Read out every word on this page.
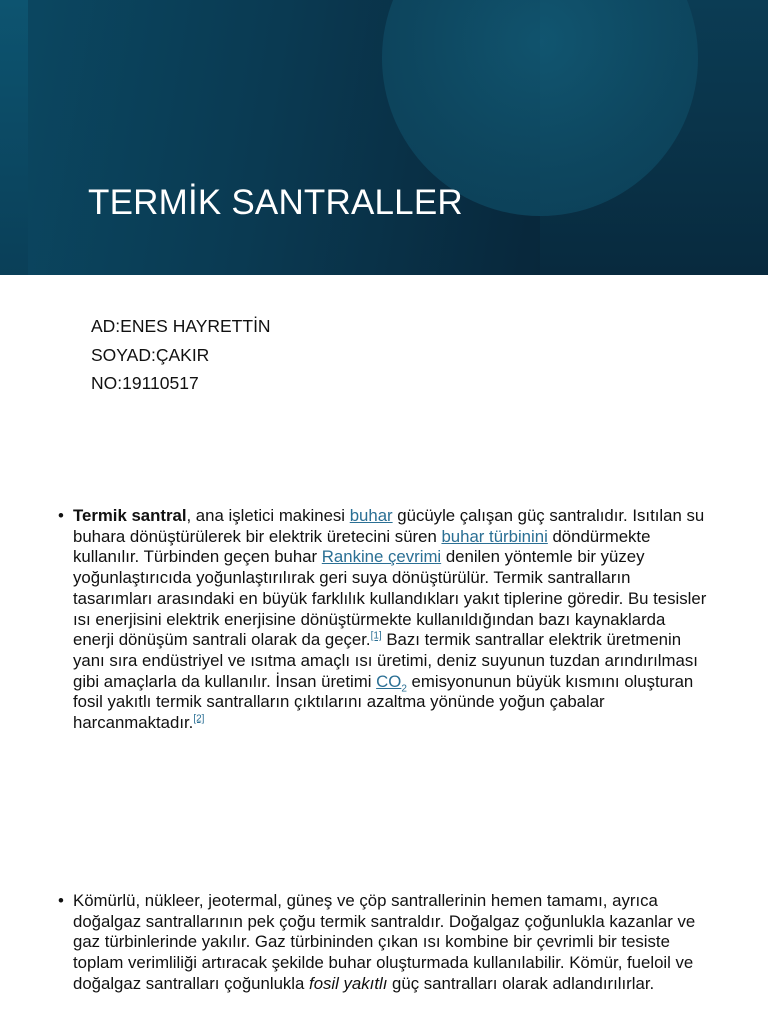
TERMİK SANTRALLER
AD:ENES HAYRETTİN
SOYAD:ÇAKIR
NO:19110517
• Termik santral, ana işletici makinesi buhar gücüyle çalışan güç santralıdır. Isıtılan su buhara dönüştürülerek bir elektrik üretecini süren buhar türbinini döndürmekte kullanılır. Türbinden geçen buhar Rankine çevrimi denilen yöntemle bir yüzey yoğunlaştırıcıda yoğunlaştırılırak geri suya dönüştürülür. Termik santralların tasarımları arasındaki en büyük farklılık kullandıkları yakıt tiplerine göredir. Bu tesisler ısı enerjisini elektrik enerjisine dönüştürmekte kullanıldığından bazı kaynaklarda enerji dönüşüm santrali olarak da geçer.[1] Bazı termik santrallar elektrik üretmenin yanı sıra endüstriyel ve ısıtma amaçlı ısı üretimi, deniz suyunun tuzdan arındırılması gibi amaçlarla da kullanılır. İnsan üretimi $CO_2$ emisyonunun büyük kısmını oluşturan fosil yakıtlı termik santralların çıktılarını azaltma yönünde yoğun çabalar harcanmaktadır.[2]
• Kömürlü, nükleer, jeotermal, güneş ve çöp santrallerinin hemen tamamı, ayrıca doğalgaz santrallarının pek çoğu termik santraldır. Doğalgaz çoğunlukla kazanlar ve gaz türbinlerinde yakılır. Gaz türbininden çıkan ısı kombine bir çevrimli bir tesiste toplam verimliliği artıracak şekilde buhar oluşturmada kullanılabilir. Kömür, fueloil ve doğalgaz santralları çoğunlukla fosil yakıtlı güç santralları olarak adlandırılırlar.
